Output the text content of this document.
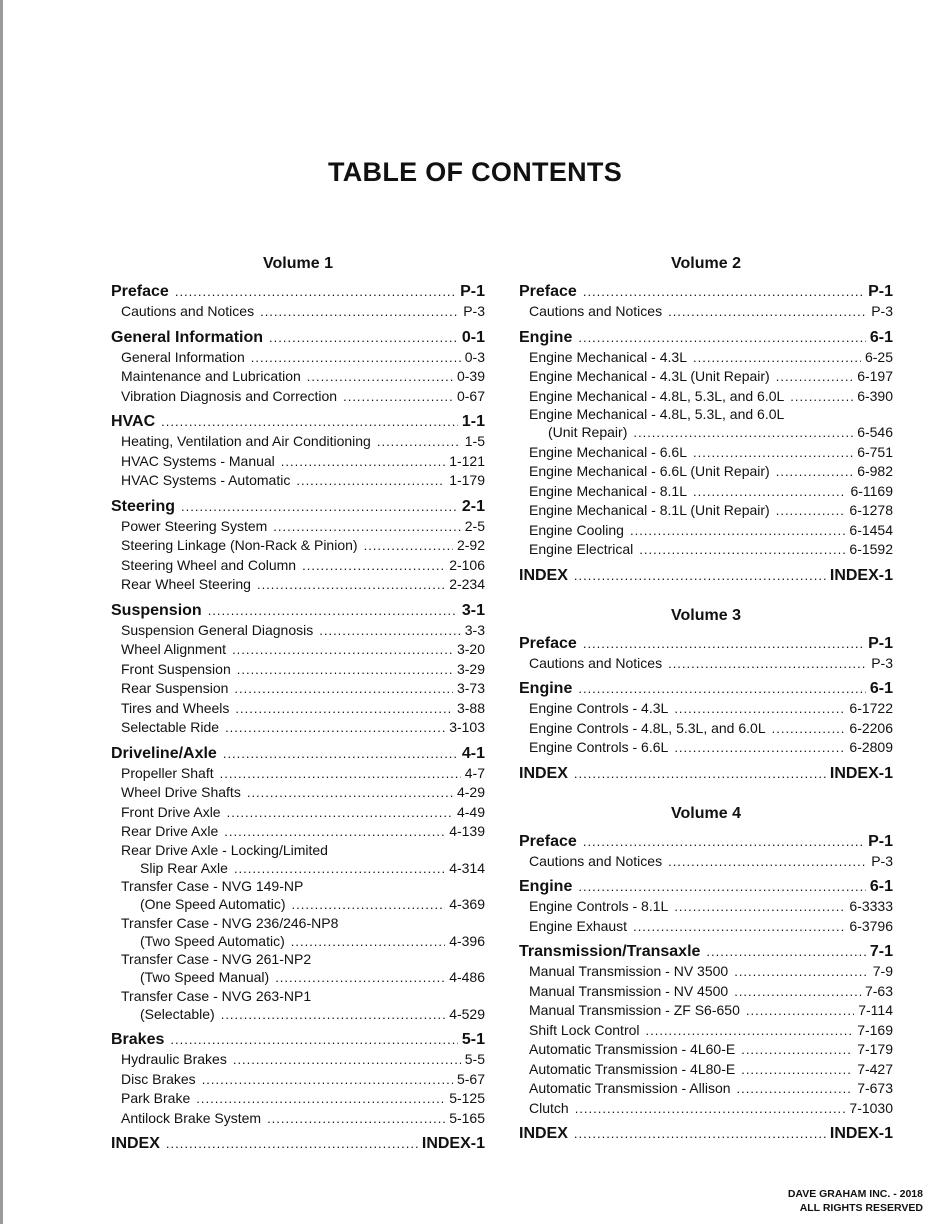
TABLE OF CONTENTS
Volume 1
Preface .....	P-1
Cautions and Notices .....	P-3
General Information .....	0-1
General Information .....	0-3
Maintenance and Lubrication .....	0-39
Vibration Diagnosis and Correction .....	0-67
HVAC .....	1-1
Heating, Ventilation and Air Conditioning .....	1-5
HVAC Systems - Manual .....	1-121
HVAC Systems - Automatic .....	1-179
Steering .....	2-1
Power Steering System .....	2-5
Steering Linkage (Non-Rack & Pinion) .....	2-92
Steering Wheel and Column .....	2-106
Rear Wheel Steering .....	2-234
Suspension .....	3-1
Suspension General Diagnosis .....	3-3
Wheel Alignment .....	3-20
Front Suspension .....	3-29
Rear Suspension .....	3-73
Tires and Wheels .....	3-88
Selectable Ride .....	3-103
Driveline/Axle .....	4-1
Propeller Shaft .....	4-7
Wheel Drive Shafts .....	4-29
Front Drive Axle .....	4-49
Rear Drive Axle .....	4-139
Rear Drive Axle - Locking/Limited
Slip Rear Axle .....	4-314
Transfer Case - NVG 149-NP
(One Speed Automatic) .....	4-369
Transfer Case - NVG 236/246-NP8
(Two Speed Automatic) .....	4-396
Transfer Case - NVG 261-NP2
(Two Speed Manual) .....	4-486
Transfer Case - NVG 263-NP1
(Selectable) .....	4-529
Brakes .....	5-1
Hydraulic Brakes .....	5-5
Disc Brakes .....	5-67
Park Brake .....	5-125
Antilock Brake System .....	5-165
INDEX .....	INDEX-1
Volume 2
Preface .....	P-1
Cautions and Notices .....	P-3
Engine .....	6-1
Engine Mechanical - 4.3L .....	6-25
Engine Mechanical - 4.3L (Unit Repair) .....	6-197
Engine Mechanical - 4.8L, 5.3L, and 6.0L .....	6-390
Engine Mechanical - 4.8L, 5.3L, and 6.0L
(Unit Repair) .....	6-546
Engine Mechanical - 6.6L .....	6-751
Engine Mechanical - 6.6L (Unit Repair) .....	6-982
Engine Mechanical - 8.1L .....	6-1169
Engine Mechanical - 8.1L (Unit Repair) .....	6-1278
Engine Cooling .....	6-1454
Engine Electrical .....	6-1592
INDEX .....	INDEX-1
Volume 3
Preface .....	P-1
Cautions and Notices .....	P-3
Engine .....	6-1
Engine Controls - 4.3L .....	6-1722
Engine Controls - 4.8L, 5.3L, and 6.0L .....	6-2206
Engine Controls - 6.6L .....	6-2809
INDEX .....	INDEX-1
Volume 4
Preface .....	P-1
Cautions and Notices .....	P-3
Engine .....	6-1
Engine Controls - 8.1L .....	6-3333
Engine Exhaust .....	6-3796
Transmission/Transaxle .....	7-1
Manual Transmission - NV 3500 .....	7-9
Manual Transmission - NV 4500 .....	7-63
Manual Transmission - ZF S6-650 .....	7-114
Shift Lock Control .....	7-169
Automatic Transmission - 4L60-E .....	7-179
Automatic Transmission - 4L80-E .....	7-427
Automatic Transmission - Allison .....	7-673
Clutch .....	7-1030
INDEX .....	INDEX-1
DAVE GRAHAM INC. - 2018
ALL RIGHTS RESERVED
